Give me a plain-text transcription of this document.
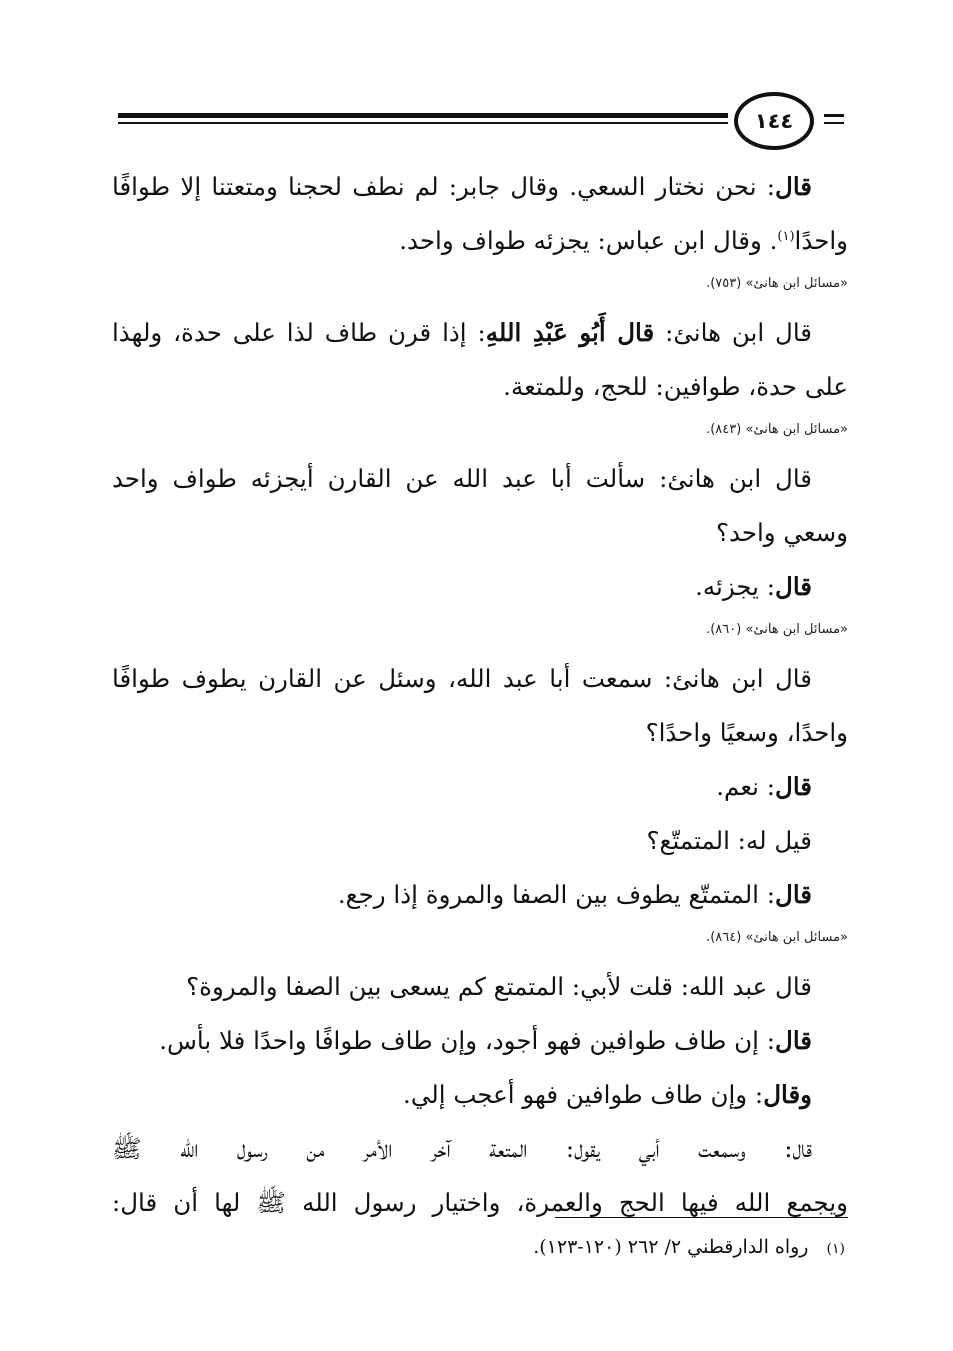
١٤٤
قال: نحن نختار السعي. وقال جابر: لم نطف لحجنا ومتعتنا إلا طوافًا
واحدًا$^{(١)}$. وقال ابن عباس: يجزئه طواف واحد.
«مسائل ابن هانئ» (٧٥٣).
قال ابن هانئ: قال أَبُو عَبْدِ اللهِ: إذا قرن طاف لذا على حدة، ولهذا
على حدة، طوافين: للحج، وللمتعة.
«مسائل ابن هانئ» (٨٤٣).
قال ابن هانئ: سألت أبا عبد الله عن القارن أيجزئه طواف واحد
وسعي واحد؟
قال: يجزئه.
«مسائل ابن هانئ» (٨٦٠).
قال ابن هانئ: سمعت أبا عبد الله، وسئل عن القارن يطوف طوافًا
واحدًا، وسعيًا واحدًا؟
قال: نعم.
قيل له: المتمتّع؟
قال: المتمتّع يطوف بين الصفا والمروة إذا رجع.
«مسائل ابن هانئ» (٨٦٤).
قال عبد الله: قلت لأبي: المتمتع كم يسعى بين الصفا والمروة؟
قال: إن طاف طوافين فهو أجود، وإن طاف طوافًا واحدًا فلا بأس.
وقال: وإن طاف طوافين فهو أعجب إلي.
قال: وسمعت أبي يقول: المتعة آخر الأمر من رسول الله ﷺ
ويجمع الله فيها الحج والعمرة، واختيار رسول الله ﷺ لها أن قال:
(١) رواه الدارقطني ٢/ ٢٦٢ (١٢٠-١٢٣).
